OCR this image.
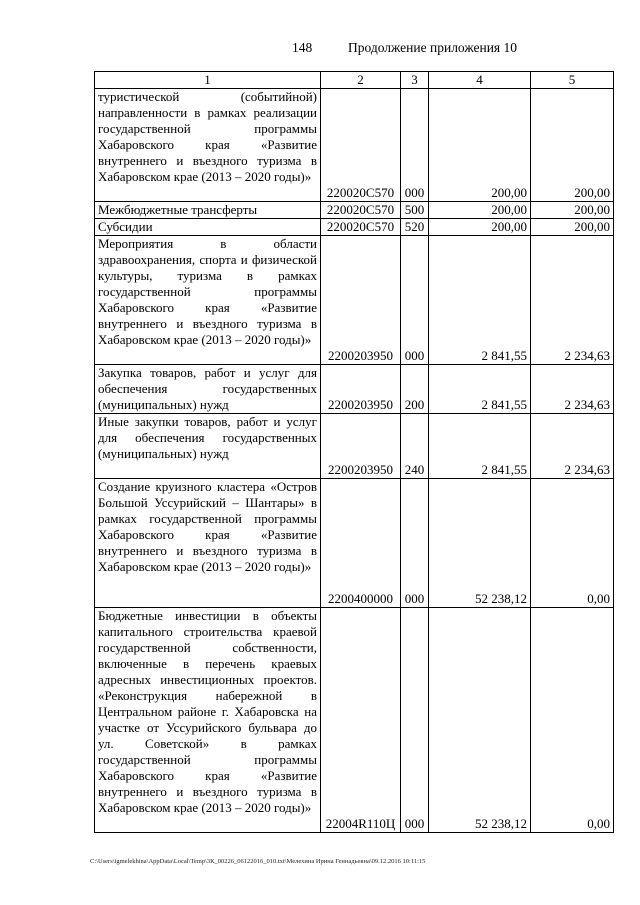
148	Продолжение приложения 10
1	2	3	4	5
туристической (событийной) направленности в рамках реализации государственной программы Хабаровского края «Развитие внутреннего и въездного туризма в Хабаровском крае (2013 – 2020 годы)»	220020С570	000	200,00	200,00
Межбюджетные трансферты	220020С570	500	200,00	200,00
Субсидии	220020С570	520	200,00	200,00
Мероприятия в области здравоохранения, спорта и физической культуры, туризма в рамках государственной программы Хабаровского края «Развитие внутреннего и въездного туризма в Хабаровском крае (2013 – 2020 годы)»	2200203950	000	2 841,55	2 234,63
Закупка товаров, работ и услуг для обеспечения государственных (муниципальных) нужд	2200203950	200	2 841,55	2 234,63
Иные закупки товаров, работ и услуг для обеспечения государственных (муниципальных) нужд	2200203950	240	2 841,55	2 234,63
Создание круизного кластера «Остров Большой Уссурийский – Шантары» в рамках государственной программы Хабаровского края «Развитие внутреннего и въездного туризма в Хабаровском крае (2013 – 2020 годы)»	2200400000	000	52 238,12	0,00
Бюджетные инвестиции в объекты капитального строительства краевой государственной собственности, включенные в перечень краевых адресных инвестиционных проектов. «Реконструкция набережной в Центральном районе г. Хабаровска на участке от Уссурийского бульвара до ул. Советской» в рамках государственной программы Хабаровского края «Развитие внутреннего и въездного туризма в Хабаровском крае (2013 – 2020 годы)»	22004R110Ц	000	52 238,12	0,00
C:\Users\igmelekhina\AppData\Local\Temp\3К_00226_06122016_010.txt\Мелехина Ирина Геннадьевна\09.12.2016 10:11:15
